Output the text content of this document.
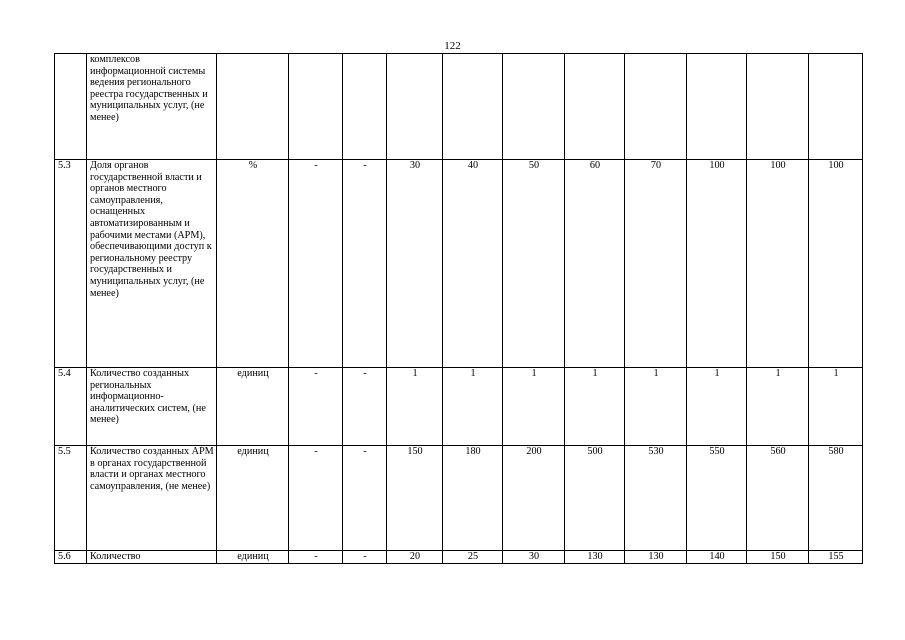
122
	комплексов информационной системы ведения регионального реестра государственных и муниципальных услуг, (не менее)											
5.3	Доля органов государственной власти и органов местного самоуправления, оснащенных автоматизированным и рабочими местами (АРМ), обеспечивающими доступ к региональному реестру государственных и муниципальных услуг, (не менее)	%	-	-	30	40	50	60	70	100	100	100
5.4	Количество созданных региональных информационно-аналитических систем, (не менее)	единиц	-	-	1	1	1	1	1	1	1	1
5.5	Количество созданных АРМ в органах государственной власти и органах местного самоуправления, (не менее)	единиц	-	-	150	180	200	500	530	550	560	580
5.6	Количество	единиц	-	-	20	25	30	130	130	140	150	155
